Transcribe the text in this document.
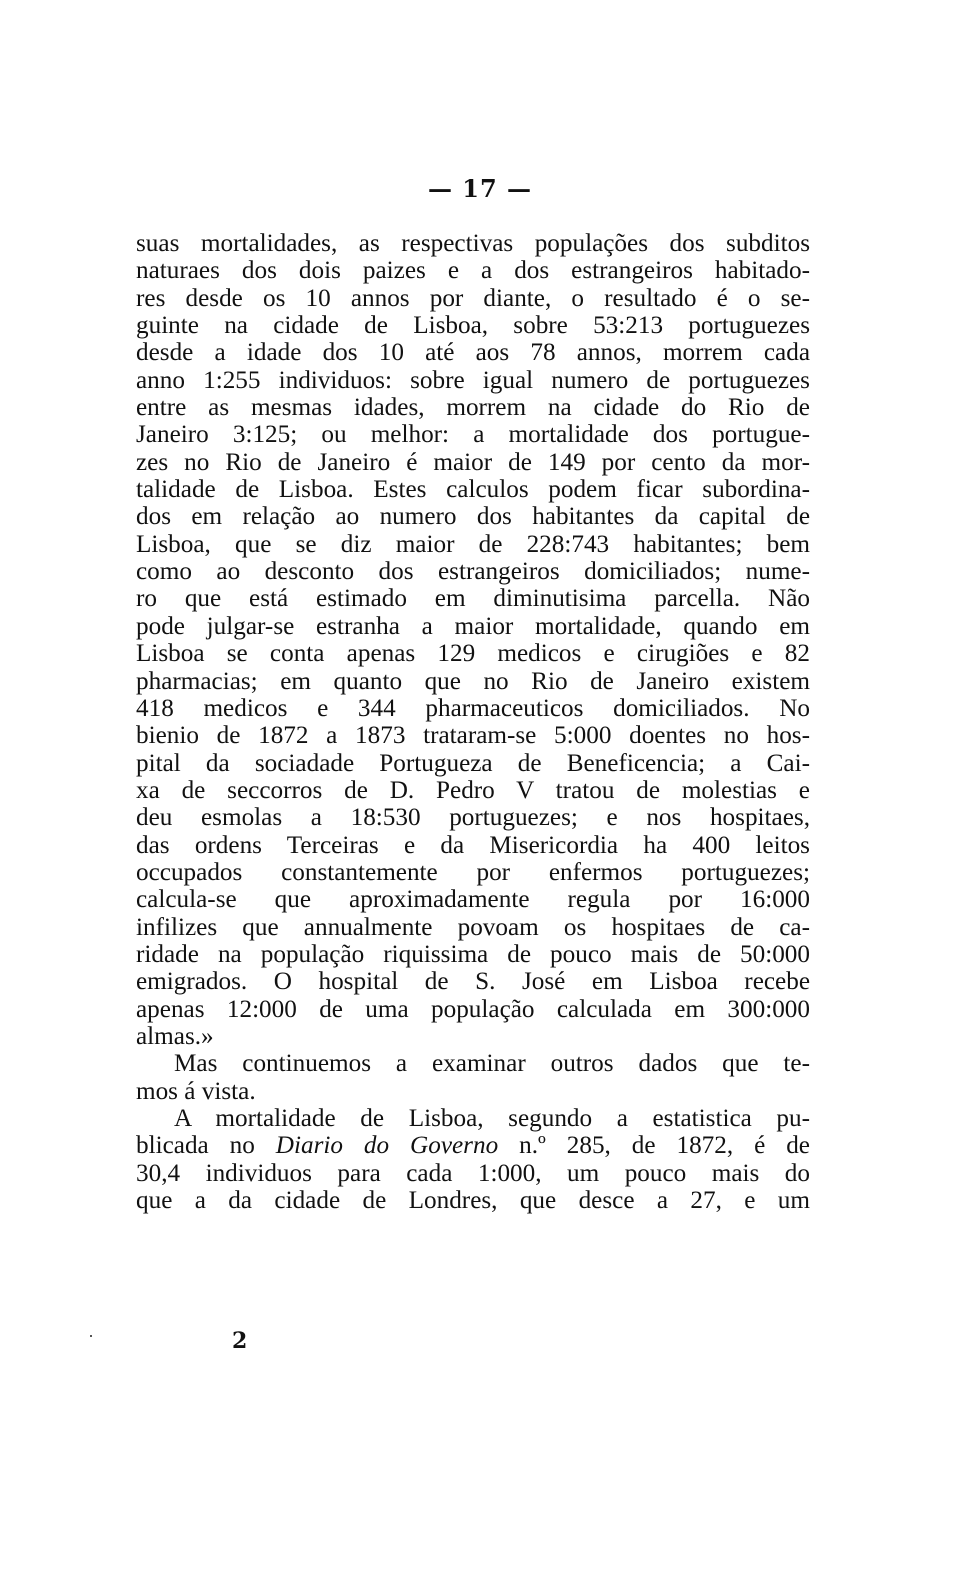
— 17 —
suas mortalidades, as respectivas populações dos subditos
naturaes dos dois paizes e a dos estrangeiros habitado-
res desde os 10 annos por diante, o resultado é o se-
guinte na cidade de Lisboa, sobre 53:213 portuguezes
desde a idade dos 10 até aos 78 annos, morrem cada
anno 1:255 individuos: sobre igual numero de portuguezes
entre as mesmas idades, morrem na cidade do Rio de
Janeiro 3:125; ou melhor: a mortalidade dos portugue-
zes no Rio de Janeiro é maior de 149 por cento da mor-
talidade de Lisboa. Estes calculos podem ficar subordina-
dos em relação ao numero dos habitantes da capital de
Lisboa, que se diz maior de 228:743 habitantes; bem
como ao desconto dos estrangeiros domiciliados; nume-
ro que está estimado em diminutisima parcella. Não
pode julgar-se estranha a maior mortalidade, quando em
Lisboa se conta apenas 129 medicos e cirugiões e 82
pharmacias; em quanto que no Rio de Janeiro existem
418 medicos e 344 pharmaceuticos domiciliados. No
bienio de 1872 a 1873 trataram-se 5:000 doentes no hos-
pital da sociadade Portugueza de Beneficencia; a Cai-
xa de seccorros de D. Pedro V tratou de molestias e
deu esmolas a 18:530 portuguezes; e nos hospitaes,
das ordens Terceiras e da Misericordia ha 400 leitos
occupados constantemente por enfermos portuguezes;
calcula-se que aproximadamente regula por 16:000
infilizes que annualmente povoam os hospitaes de ca-
ridade na população riquissima de pouco mais de 50:000
emigrados. O hospital de S. José em Lisboa recebe
apenas 12:000 de uma população calculada em 300:000
almas.»
Mas continuemos a examinar outros dados que te-
mos á vista.
A mortalidade de Lisboa, segundo a estatistica pu-
blicada no Diario do Governo n.º 285, de 1872, é de
30,4 individuos para cada 1:000, um pouco mais do
que a da cidade de Londres, que desce a 27, e um
2
